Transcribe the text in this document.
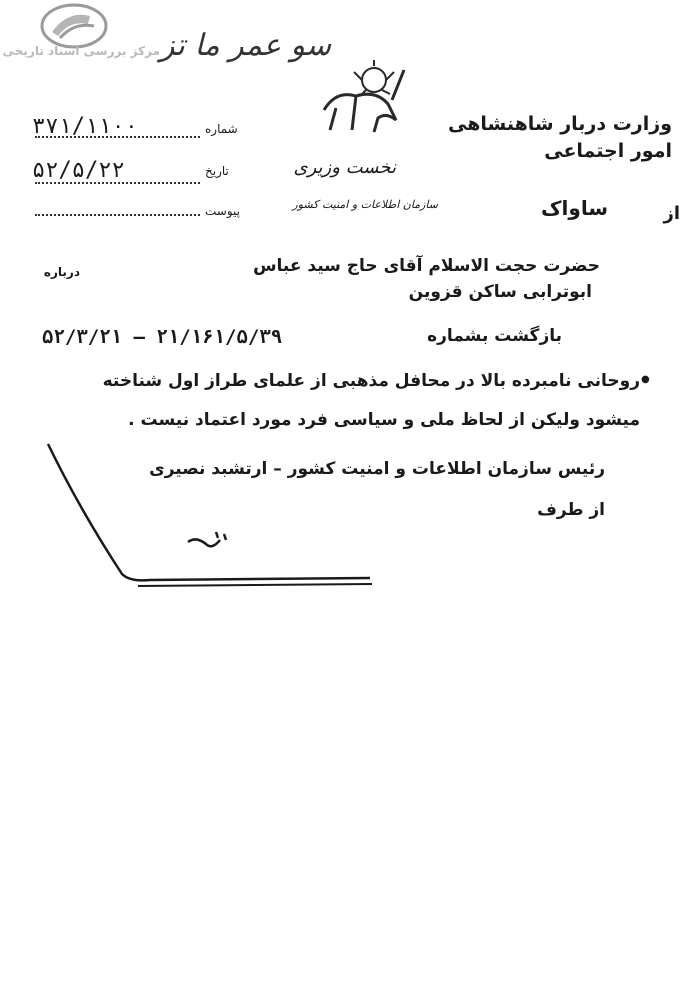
مرکز بررسی اسناد تاریخی سو عمر ما تز
وزارت دربار شاهنشاهی
امور اجتماعی
نخست وزیری
سازمان اطلاعات و امنیت کشور
شماره
۳۷۱/۱۱۰۰
تاریخ
۵۲/۵/۲۲
پیوست	از
ساواک
درباره	حضرت حجت الاسلام آقای حاج سید عباس
ابوترابی ساکن قزوین
بازگشت بشماره
۵۲/۳/۲۱ – ۲۱/۱۶۱/۵/۳۹
●
روحانی نامبرده بالا در محافل مذهبی از علمای طراز اول شناخته
میشود ولیکن از لحاظ ملی و سیاسی فرد مورد اعتماد نیست .
رئیس سازمان اطلاعات و امنیت کشور – ارتشبد نصیری
از طرف
